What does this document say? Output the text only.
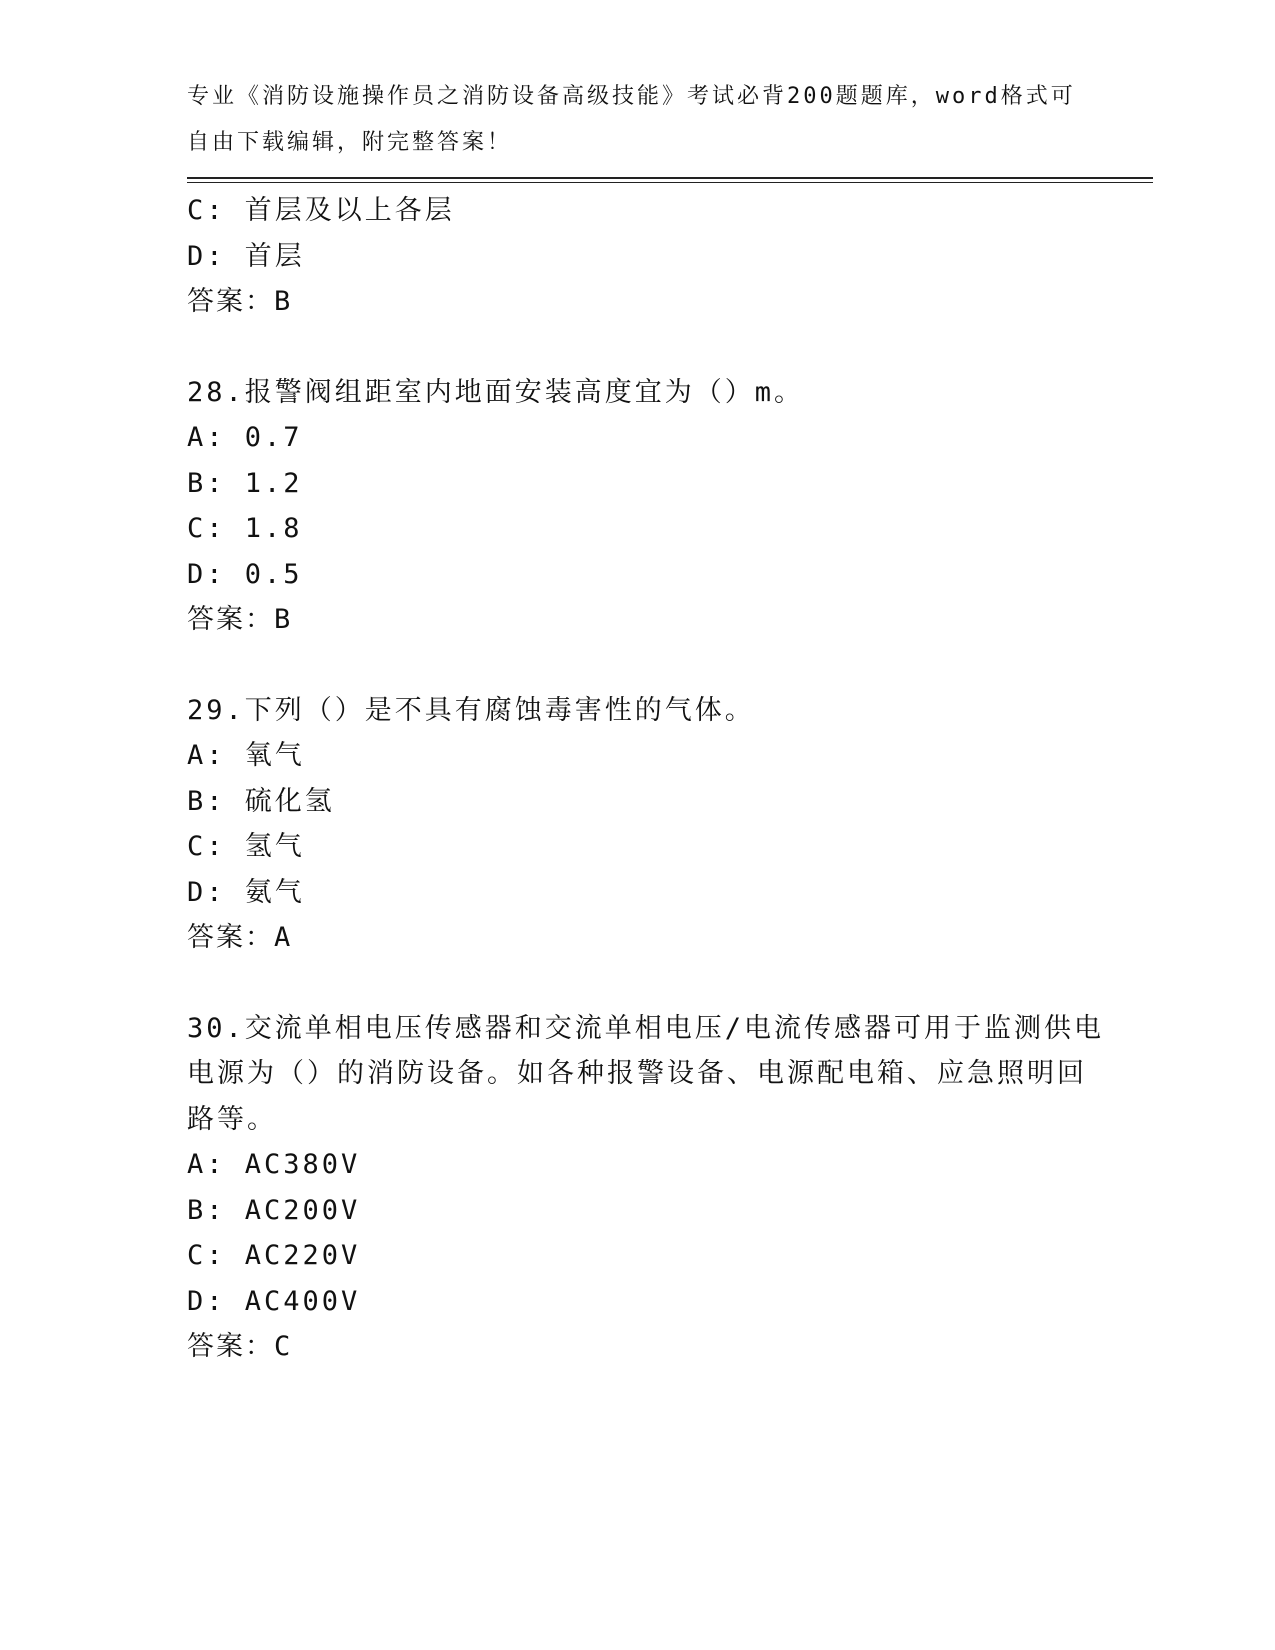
专业《消防设施操作员之消防设备高级技能》考试必背200题题库，word格式可
自由下载编辑，附完整答案！
C: 首层及以上各层
D: 首层
答案：B
28.报警阀组距室内地面安装高度宜为（）m。
A: 0.7
B: 1.2
C: 1.8
D: 0.5
答案：B
29.下列（）是不具有腐蚀毒害性的气体。
A: 氧气
B: 硫化氢
C: 氢气
D: 氨气
答案：A
30.交流单相电压传感器和交流单相电压/电流传感器可用于监测供电
电源为（）的消防设备。如各种报警设备、电源配电箱、应急照明回
路等。
A: AC380V
B: AC200V
C: AC220V
D: AC400V
答案：C
